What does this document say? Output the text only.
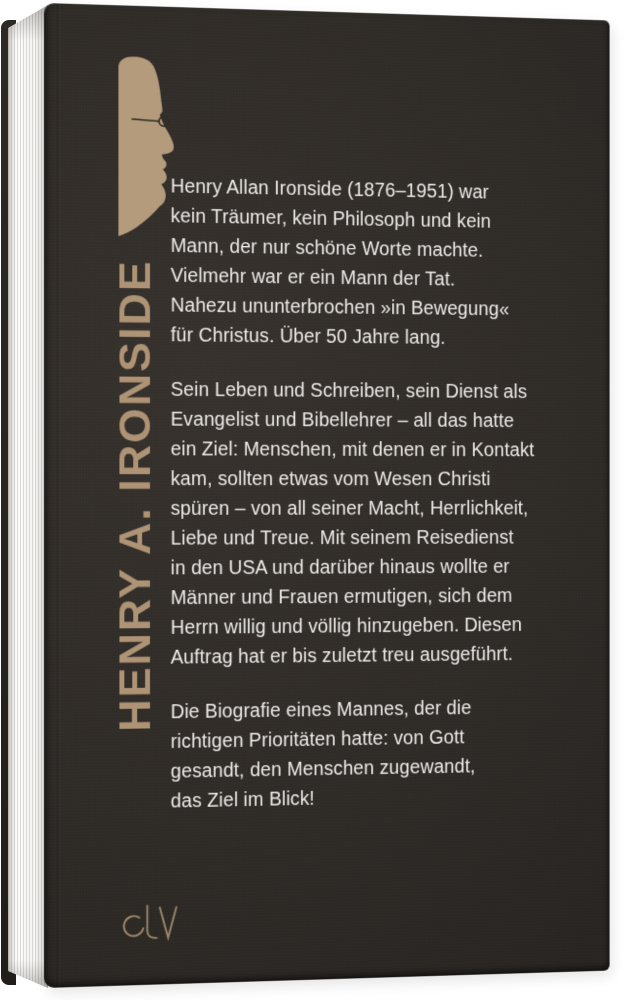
HENRY A. IRONSIDE
Henry Allan Ironside (1876–1951) war
kein Träumer, kein Philosoph und kein
Mann, der nur schöne Worte machte.
Vielmehr war er ein Mann der Tat.
Nahezu ununterbrochen »in Bewegung«
für Christus. Über 50 Jahre lang.
Sein Leben und Schreiben, sein Dienst als
Evangelist und Bibellehrer – all das hatte
ein Ziel: Menschen, mit denen er in Kontakt
kam, sollten etwas vom Wesen Christi
spüren – von all seiner Macht, Herrlichkeit,
Liebe und Treue. Mit seinem Reisedienst
in den USA und darüber hinaus wollte er
Männer und Frauen ermutigen, sich dem
Herrn willig und völlig hinzugeben. Diesen
Auftrag hat er bis zuletzt treu ausgeführt.
Die Biografie eines Mannes, der die
richtigen Prioritäten hatte: von Gott
gesandt, den Menschen zugewandt,
das Ziel im Blick!
